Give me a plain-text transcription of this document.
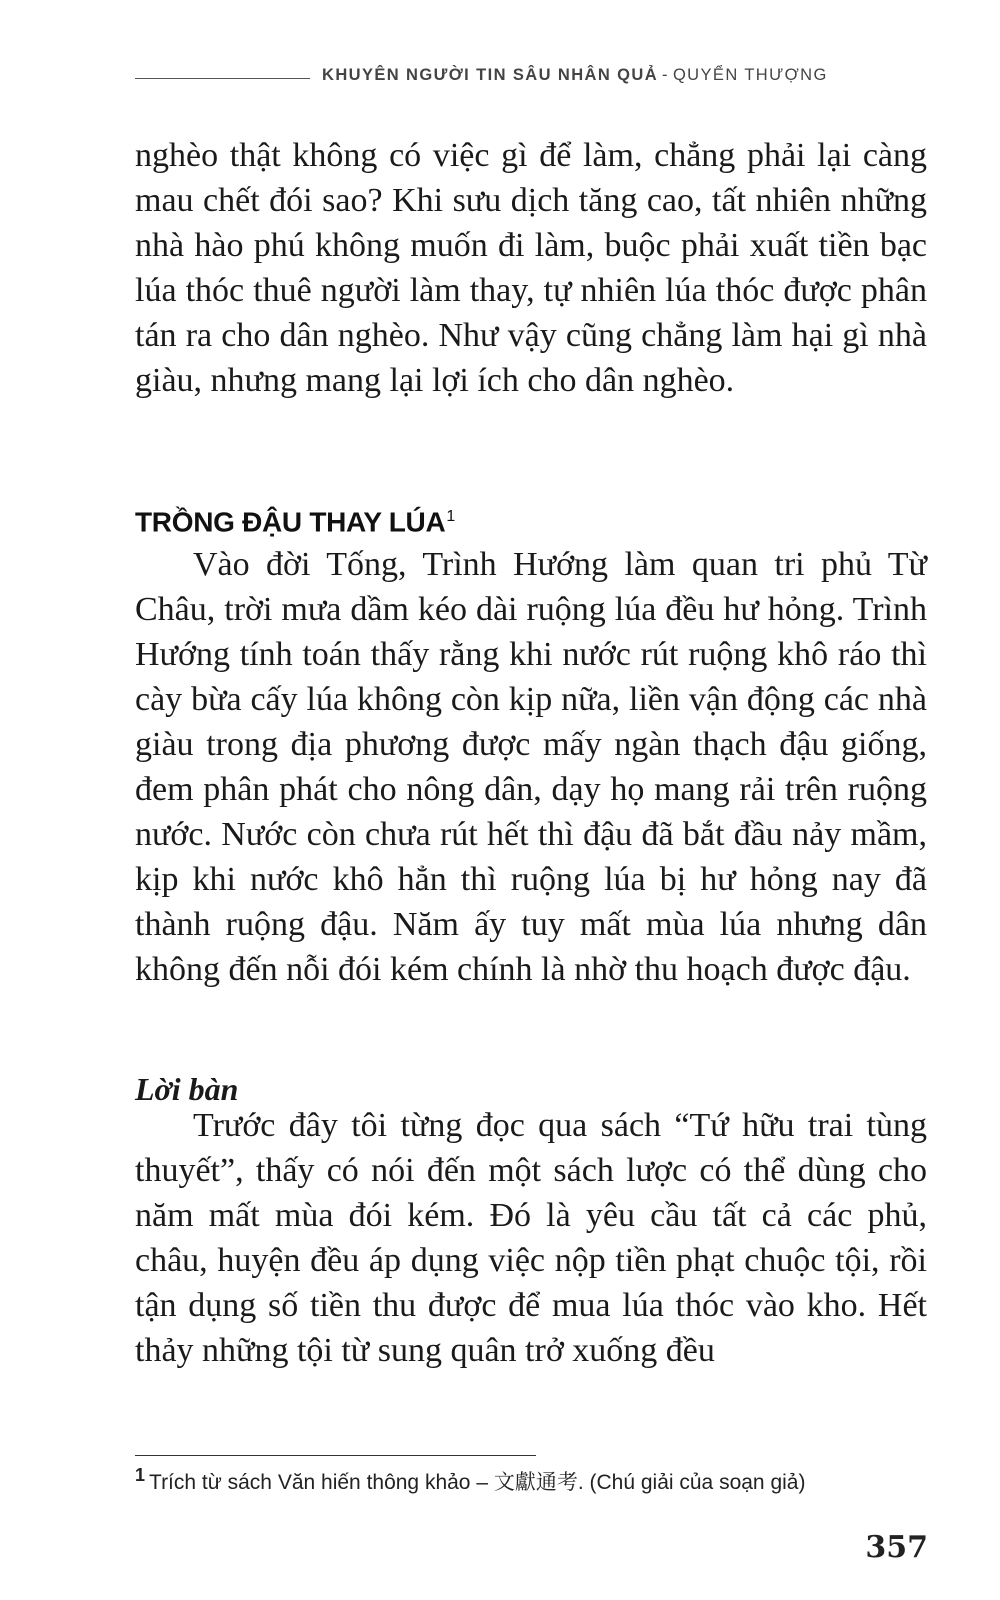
KHUYÊN NGƯỜI TIN SÂU NHÂN QUẢ - QUYỂN THƯỢNG

nghèo thật không có việc gì để làm, chẳng phải lại càng mau chết đói sao? Khi sưu dịch tăng cao, tất nhiên những nhà hào phú không muốn đi làm, buộc phải xuất tiền bạc lúa thóc thuê người làm thay, tự nhiên lúa thóc được phân tán ra cho dân nghèo. Như vậy cũng chẳng làm hại gì nhà giàu, nhưng mang lại lợi ích cho dân nghèo.

TRỒNG ĐẬU THAY LÚA$^1$

Vào đời Tống, Trình Hướng làm quan tri phủ Từ Châu, trời mưa dầm kéo dài ruộng lúa đều hư hỏng. Trình Hướng tính toán thấy rằng khi nước rút ruộng khô ráo thì cày bừa cấy lúa không còn kịp nữa, liền vận động các nhà giàu trong địa phương được mấy ngàn thạch đậu giống, đem phân phát cho nông dân, dạy họ mang rải trên ruộng nước. Nước còn chưa rút hết thì đậu đã bắt đầu nảy mầm, kịp khi nước khô hẳn thì ruộng lúa bị hư hỏng nay đã thành ruộng đậu. Năm ấy tuy mất mùa lúa nhưng dân không đến nỗi đói kém chính là nhờ thu hoạch được đậu.

Lời bàn

Trước đây tôi từng đọc qua sách “Tứ hữu trai tùng thuyết”, thấy có nói đến một sách lược có thể dùng cho năm mất mùa đói kém. Đó là yêu cầu tất cả các phủ, châu, huyện đều áp dụng việc nộp tiền phạt chuộc tội, rồi tận dụng số tiền thu được để mua lúa thóc vào kho. Hết thảy những tội từ sung quân trở xuống đều

1 Trích từ sách Văn hiến thông khảo – 文獻通考. (Chú giải của soạn giả)
357
